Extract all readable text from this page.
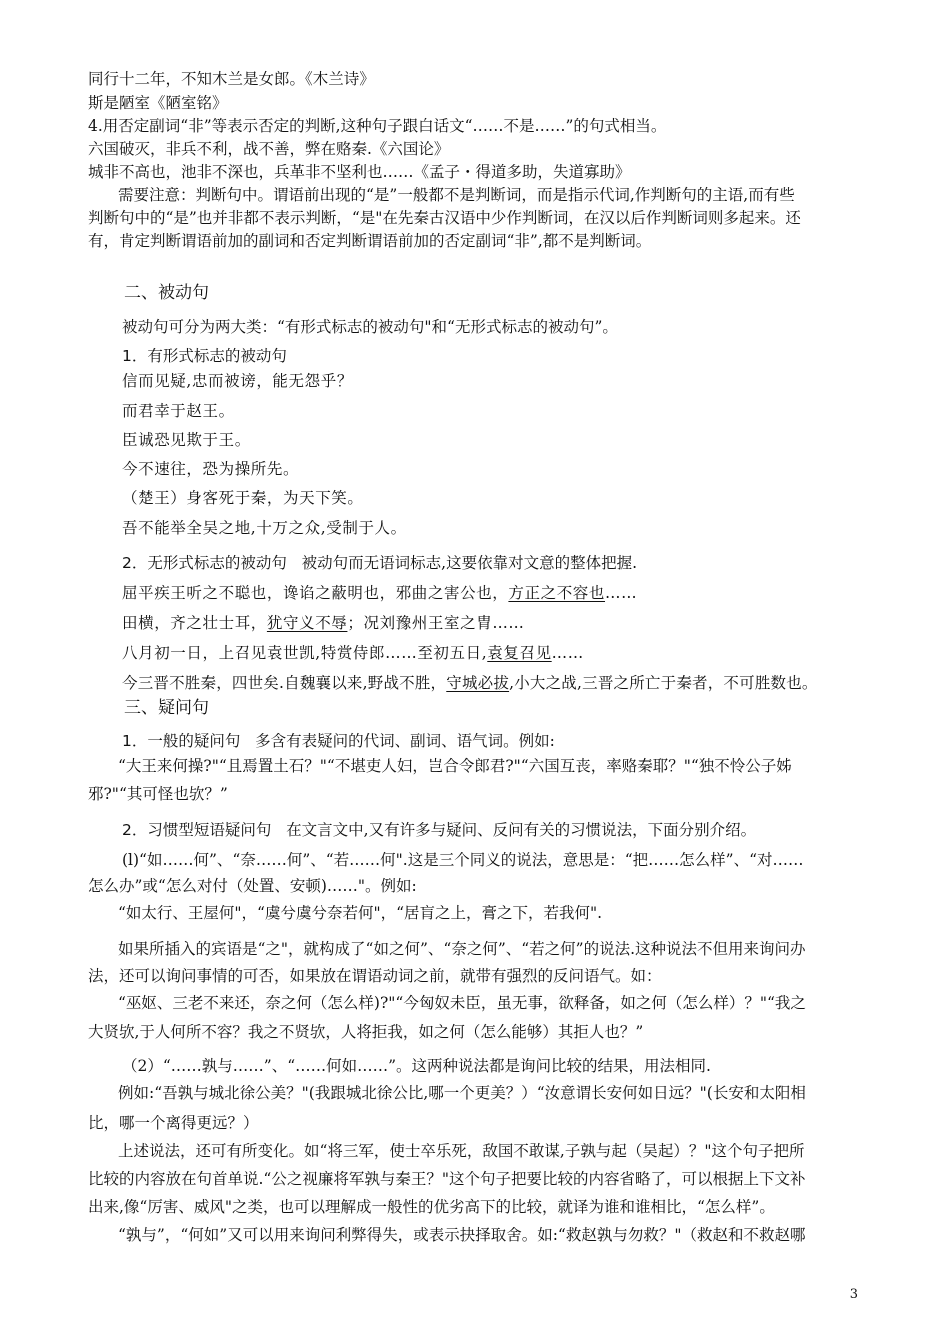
同行十二年，不知木兰是女郎。《木兰诗》
斯是陋室《陋室铭》
4.用否定副词“非”等表示否定的判断,这种句子跟白话文“……不是……”的句式相当。
六国破灭，非兵不利，战不善，弊在赂秦.《六国论》
城非不高也，池非不深也，兵革非不坚利也……《孟子・得道多助，失道寡助》
需要注意：判断句中。谓语前出现的“是”一般都不是判断词，而是指示代词,作判断句的主语,而有些
判断句中的“是”也并非都不表示判断，“是"在先秦古汉语中少作判断词，在汉以后作判断词则多起来。还
有，肯定判断谓语前加的副词和否定判断谓语前加的否定副词“非”,都不是判断词。
二、被动句
被动句可分为两大类：“有形式标志的被动句"和“无形式标志的被动句”。
1．有形式标志的被动句
信而见疑,忠而被谤，能无怨乎？
而君幸于赵王。
臣诚恐见欺于王。
今不速往，恐为操所先。
（楚王）身客死于秦，为天下笑。
吾不能举全吴之地,十万之众,受制于人。
2．无形式标志的被动句 被动句而无语词标志,这要依靠对文意的整体把握.
屈平疾王听之不聪也，谗谄之蔽明也，邪曲之害公也，方正之不容也……
田横，齐之壮士耳，犹守义不辱；况刘豫州王室之胄……
八月初一日，上召见袁世凯,特赏侍郎……至初五日,袁复召见……
今三晋不胜秦，四世矣.自魏襄以来,野战不胜，守城必拔,小大之战,三晋之所亡于秦者，不可胜数也。
三、疑问句
1．一般的疑问句 多含有表疑问的代词、副词、语气词。例如:
“大王来何操?"“且焉置土石？"“不堪吏人妇，岂合令郎君?"“六国互丧，率赂秦耶？"“独不怜公子姊
邪?"“其可怪也欤？”
2．习惯型短语疑问句 在文言文中,又有许多与疑问、反问有关的习惯说法，下面分别介绍。
(l)“如……何”、“奈……何”、“若……何".这是三个同义的说法，意思是：“把……怎么样”、“对……
怎么办”或“怎么对付（处置、安顿)……"。例如:
“如太行、王屋何"，“虞兮虞兮奈若何"，“居肓之上，膏之下，若我何".
如果所插入的宾语是“之"，就构成了“如之何”、“奈之何”、“若之何”的说法.这种说法不但用来询问办
法，还可以询问事情的可否，如果放在谓语动词之前，就带有强烈的反问语气。如：
“巫妪、三老不来还，奈之何（怎么样)?"“今匈奴未臣，虽无事，欲释备，如之何（怎么样）？"“我之
大贤欤,于人何所不容？我之不贤欤，人将拒我，如之何（怎么能够）其拒人也？”
（2）“……孰与……”、“……何如……”。这两种说法都是询问比较的结果，用法相同.
例如:“吾孰与城北徐公美？"(我跟城北徐公比,哪一个更美？）“汝意谓长安何如日远？"(长安和太阳相
比，哪一个离得更远？）
上述说法，还可有所变化。如“将三军，使士卒乐死，敌国不敢谋,子孰与起（吴起）？"这个句子把所
比较的内容放在句首单说.“公之视廉将军孰与秦王？"这个句子把要比较的内容省略了，可以根据上下文补
出来,像“厉害、威风"之类，也可以理解成一般性的优劣高下的比较，就译为谁和谁相比，“怎么样”。
“孰与”，“何如”又可以用来询问利弊得失，或表示抉择取舍。如:“救赵孰与勿救？"（救赵和不救赵哪
3
